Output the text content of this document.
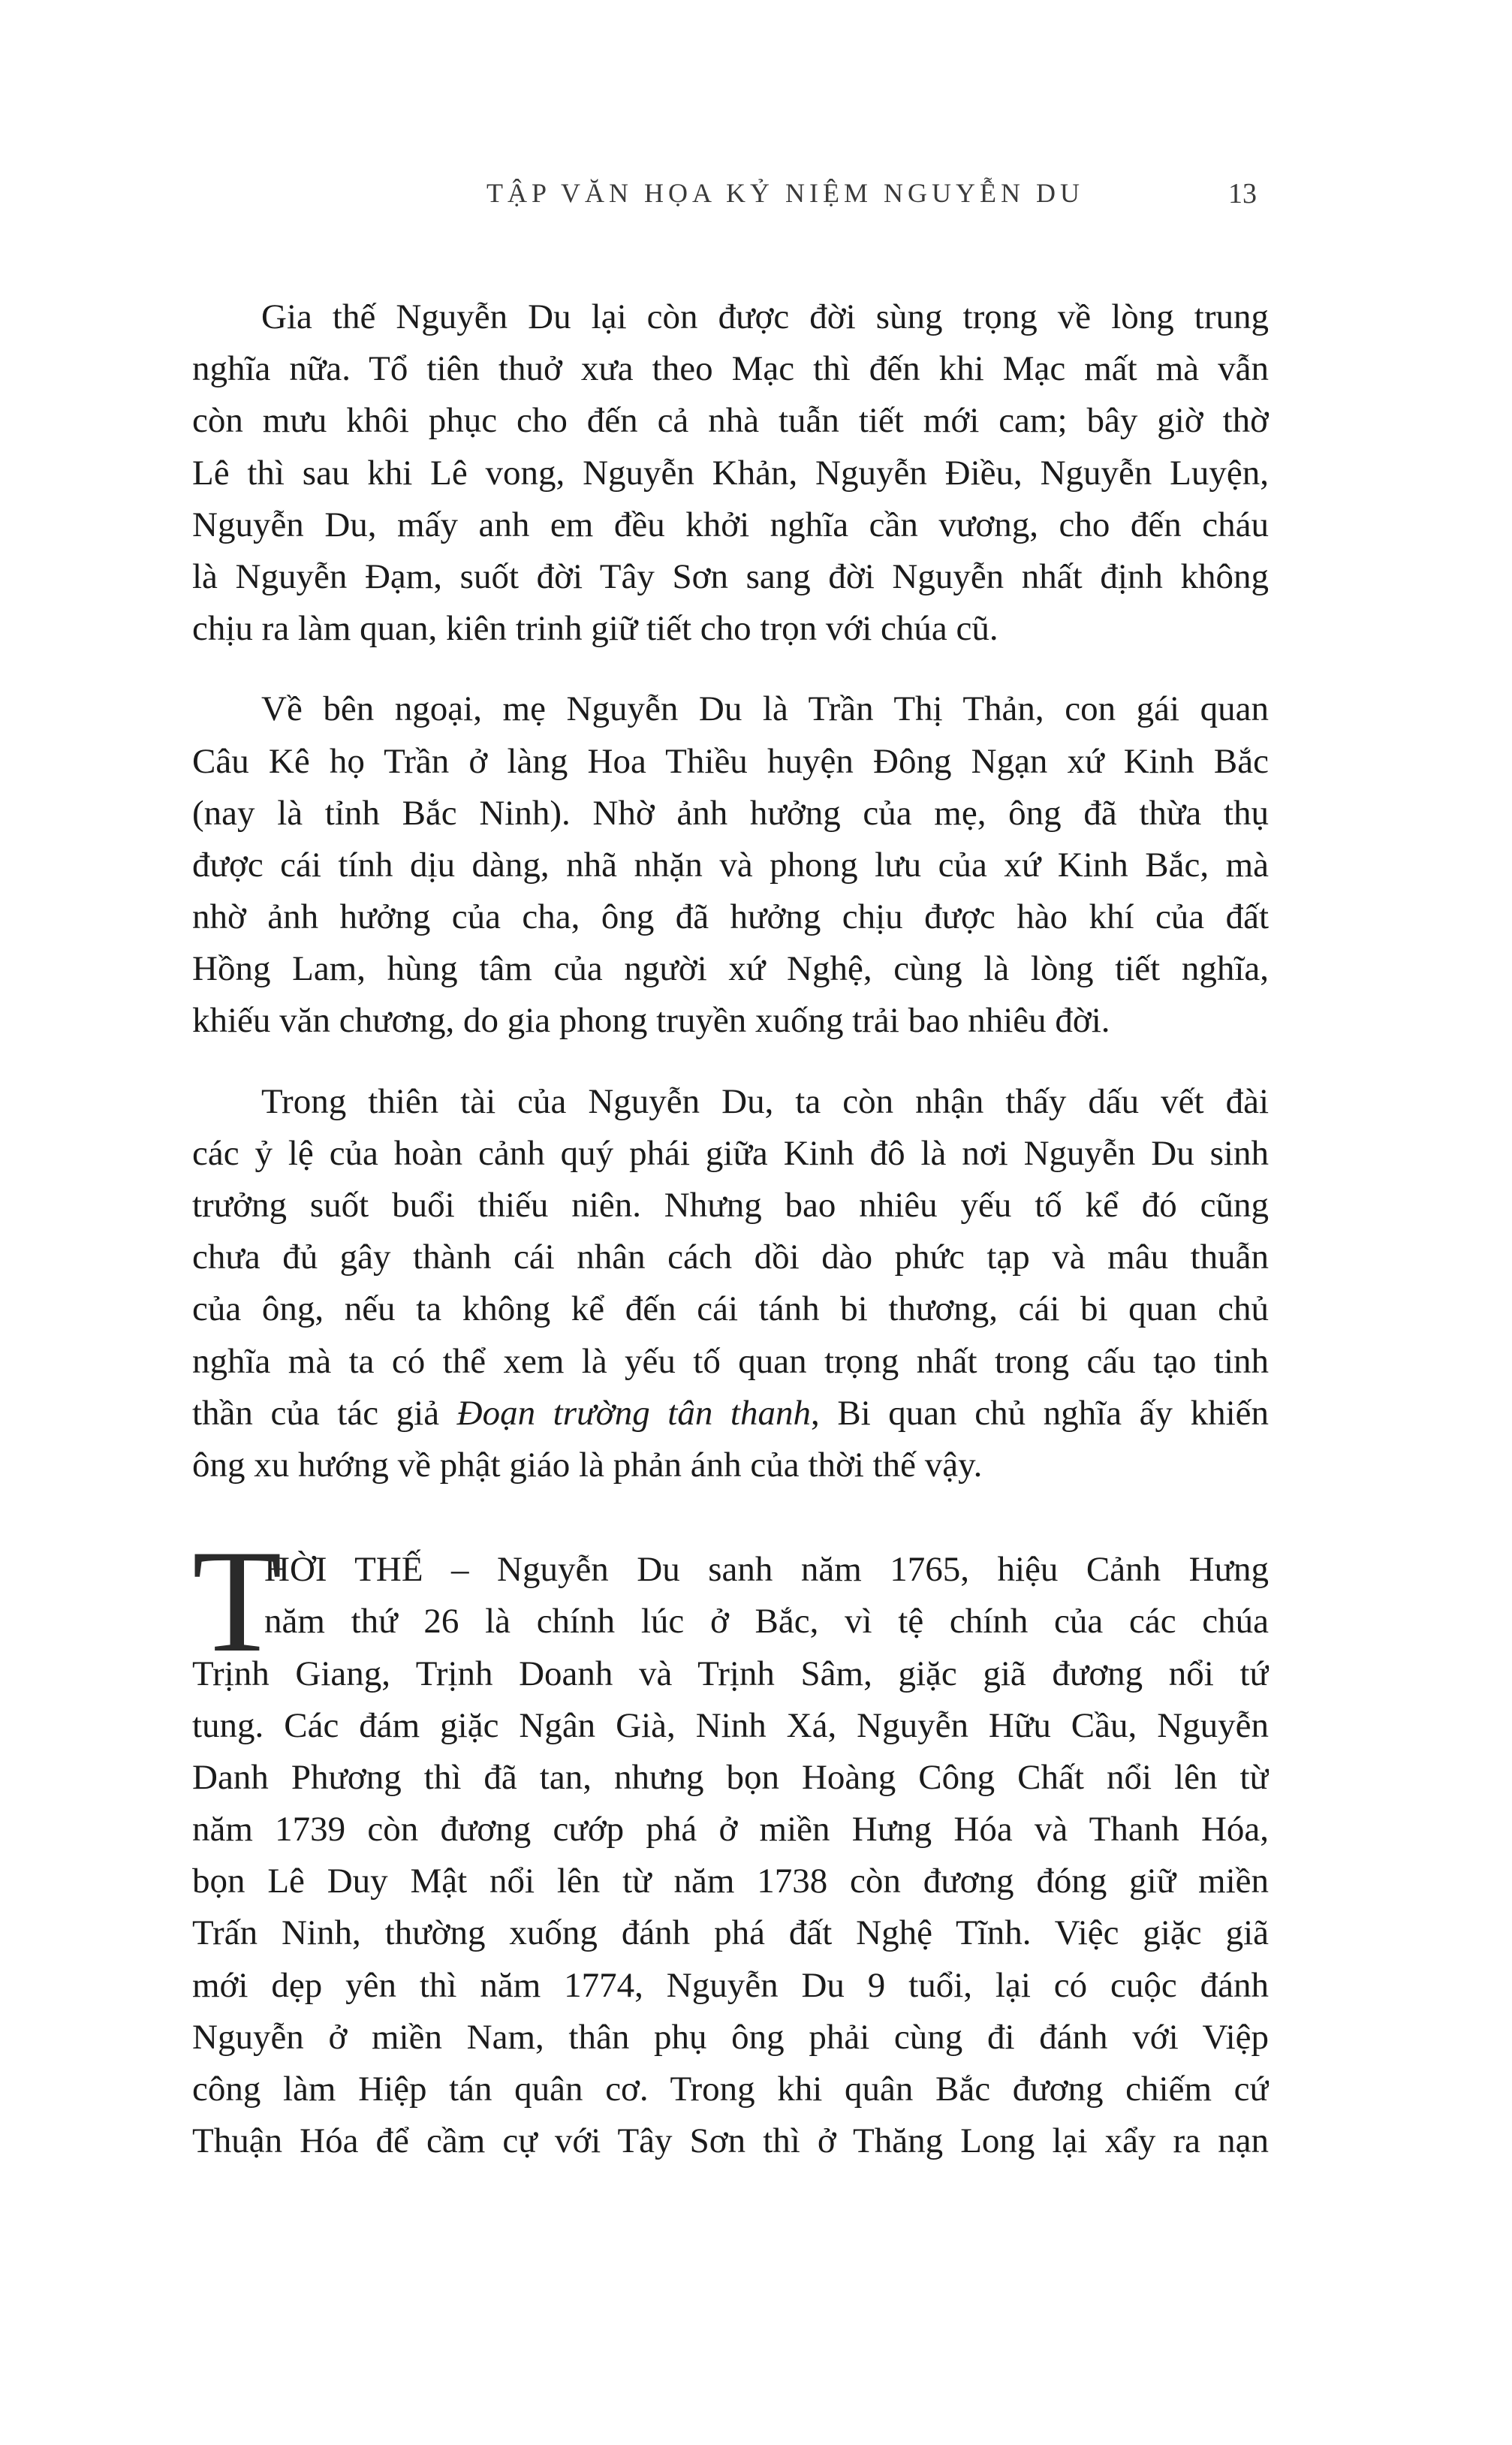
TẬP VĂN HỌA KỶ NIỆM NGUYỄN DU	13
Gia thế Nguyễn Du lại còn được đời sùng trọng về lòng trung
nghĩa nữa. Tổ tiên thuở xưa theo Mạc thì đến khi Mạc mất mà vẫn
còn mưu khôi phục cho đến cả nhà tuẫn tiết mới cam; bây giờ thờ
Lê thì sau khi Lê vong, Nguyễn Khản, Nguyễn Điều, Nguyễn Luyện,
Nguyễn Du, mấy anh em đều khởi nghĩa cần vương, cho đến cháu
là Nguyễn Đạm, suốt đời Tây Sơn sang đời Nguyễn nhất định không
chịu ra làm quan, kiên trinh giữ tiết cho trọn với chúa cũ.
Về bên ngoại, mẹ Nguyễn Du là Trần Thị Thản, con gái quan
Câu Kê họ Trần ở làng Hoa Thiều huyện Đông Ngạn xứ Kinh Bắc
(nay là tỉnh Bắc Ninh). Nhờ ảnh hưởng của mẹ, ông đã thừa thụ
được cái tính dịu dàng, nhã nhặn và phong lưu của xứ Kinh Bắc, mà
nhờ ảnh hưởng của cha, ông đã hưởng chịu được hào khí của đất
Hồng Lam, hùng tâm của người xứ Nghệ, cùng là lòng tiết nghĩa,
khiếu văn chương, do gia phong truyền xuống trải bao nhiêu đời.
Trong thiên tài của Nguyễn Du, ta còn nhận thấy dấu vết đài
các ỷ lệ của hoàn cảnh quý phái giữa Kinh đô là nơi Nguyễn Du sinh
trưởng suốt buổi thiếu niên. Nhưng bao nhiêu yếu tố kể đó cũng
chưa đủ gây thành cái nhân cách dồi dào phức tạp và mâu thuẫn
của ông, nếu ta không kể đến cái tánh bi thương, cái bi quan chủ
nghĩa mà ta có thể xem là yếu tố quan trọng nhất trong cấu tạo tinh
thần của tác giả Đoạn trường tân thanh, Bi quan chủ nghĩa ấy khiến
ông xu hướng về phật giáo là phản ánh của thời thế vậy.
T
HỜI THẾ – Nguyễn Du sanh năm 1765, hiệu Cảnh Hưng
năm thứ 26 là chính lúc ở Bắc, vì tệ chính của các chúa
Trịnh Giang, Trịnh Doanh và Trịnh Sâm, giặc giã đương nổi tứ
tung. Các đám giặc Ngân Già, Ninh Xá, Nguyễn Hữu Cầu, Nguyễn
Danh Phương thì đã tan, nhưng bọn Hoàng Công Chất nổi lên từ
năm 1739 còn đương cướp phá ở miền Hưng Hóa và Thanh Hóa,
bọn Lê Duy Mật nổi lên từ năm 1738 còn đương đóng giữ miền
Trấn Ninh, thường xuống đánh phá đất Nghệ Tĩnh. Việc giặc giã
mới dẹp yên thì năm 1774, Nguyễn Du 9 tuổi, lại có cuộc đánh
Nguyễn ở miền Nam, thân phụ ông phải cùng đi đánh với Việp
công làm Hiệp tán quân cơ. Trong khi quân Bắc đương chiếm cứ
Thuận Hóa để cầm cự với Tây Sơn thì ở Thăng Long lại xẩy ra nạn
